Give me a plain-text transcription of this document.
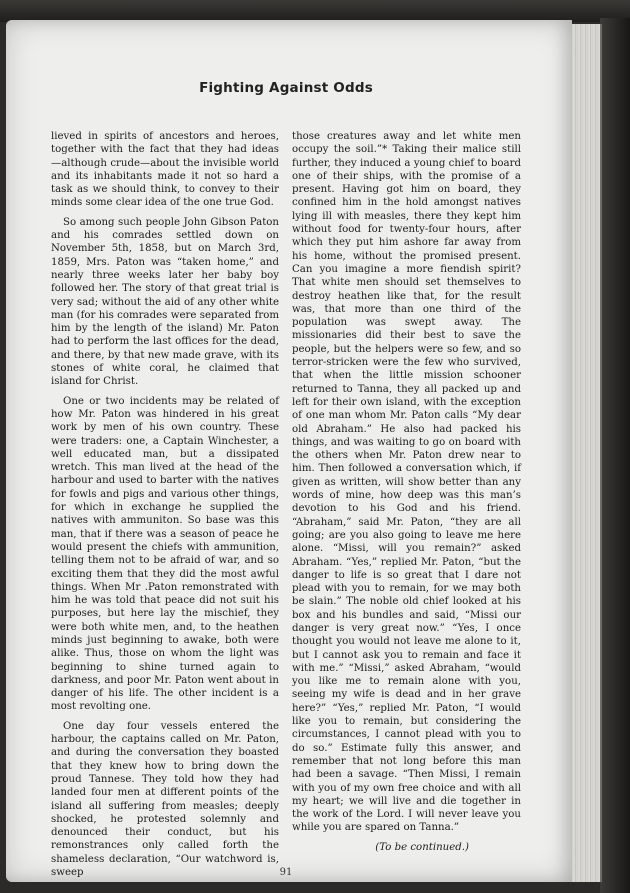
Fighting Against Odds

lieved in spirits of ancestors and heroes, together with the fact that they had ideas —although crude—about the invisible world and its inhabitants made it not so hard a task as we should think, to convey to their minds some clear idea of the one true God.

So among such people John Gibson Paton and his comrades settled down on November 5th, 1858, but on March 3rd, 1859, Mrs. Paton was “taken home,” and nearly three weeks later her baby boy followed her. The story of that great trial is very sad; without the aid of any other white man (for his comrades were separated from him by the length of the island) Mr. Paton had to perform the last offices for the dead, and there, by that new made grave, with its stones of white coral, he claimed that island for Christ.

One or two incidents may be related of how Mr. Paton was hindered in his great work by men of his own country. These were traders: one, a Captain Winchester, a well educated man, but a dissipated wretch. This man lived at the head of the harbour and used to barter with the natives for fowls and pigs and various other things, for which in exchange he supplied the natives with ammuniton. So base was this man, that if there was a season of peace he would present the chiefs with ammunition, telling them not to be afraid of war, and so exciting them that they did the most awful things. When Mr .Paton remonstrated with him he was told that peace did not suit his purposes, but here lay the mischief, they were both white men, and, to the heathen minds just beginning to awake, both were alike. Thus, those on whom the light was beginning to shine turned again to darkness, and poor Mr. Paton went about in danger of his life. The other incident is a most revolting one.

One day four vessels entered the harbour, the captains called on Mr. Paton, and during the conversation they boasted that they knew how to bring down the proud Tannese. They told how they had landed four men at different points of the island all suffering from measles; deeply shocked, he protested solemnly and denounced their conduct, but his remonstrances only called forth the shameless declaration, “Our watchword is, sweep

those creatures away and let white men occupy the soil.”* Taking their malice still further, they induced a young chief to board one of their ships, with the promise of a present. Having got him on board, they confined him in the hold amongst natives lying ill with measles, there they kept him without food for twenty-four hours, after which they put him ashore far away from his home, without the promised present. Can you imagine a more fiendish spirit? That white men should set themselves to destroy heathen like that, for the result was, that more than one third of the population was swept away. The missionaries did their best to save the people, but the helpers were so few, and so terror-stricken were the few who survived, that when the little mission schooner returned to Tanna, they all packed up and left for their own island, with the exception of one man whom Mr. Paton calls “My dear old Abraham.” He also had packed his things, and was waiting to go on board with the others when Mr. Paton drew near to him. Then followed a conversation which, if given as written, will show better than any words of mine, how deep was this man’s devotion to his God and his friend. “Abraham,” said Mr. Paton, “they are all going; are you also going to leave me here alone. “Missi, will you remain?” asked Abraham. “Yes,” replied Mr. Paton, “but the danger to life is so great that I dare not plead with you to remain, for we may both be slain.” The noble old chief looked at his box and his bundles and said, “Missi our danger is very great now.” “Yes, I once thought you would not leave me alone to it, but I cannot ask you to remain and face it with me.” “Missi,” asked Abraham, “would you like me to remain alone with you, seeing my wife is dead and in her grave here?” “Yes,” replied Mr. Paton, “I would like you to remain, but considering the circumstances, I cannot plead with you to do so.” Estimate fully this answer, and remember that not long before this man had been a savage. “Then Missi, I remain with you of my own free choice and with all my heart; we will live and die together in the work of the Lord. I will never leave you while you are spared on Tanna.”

(To be continued.)
91
